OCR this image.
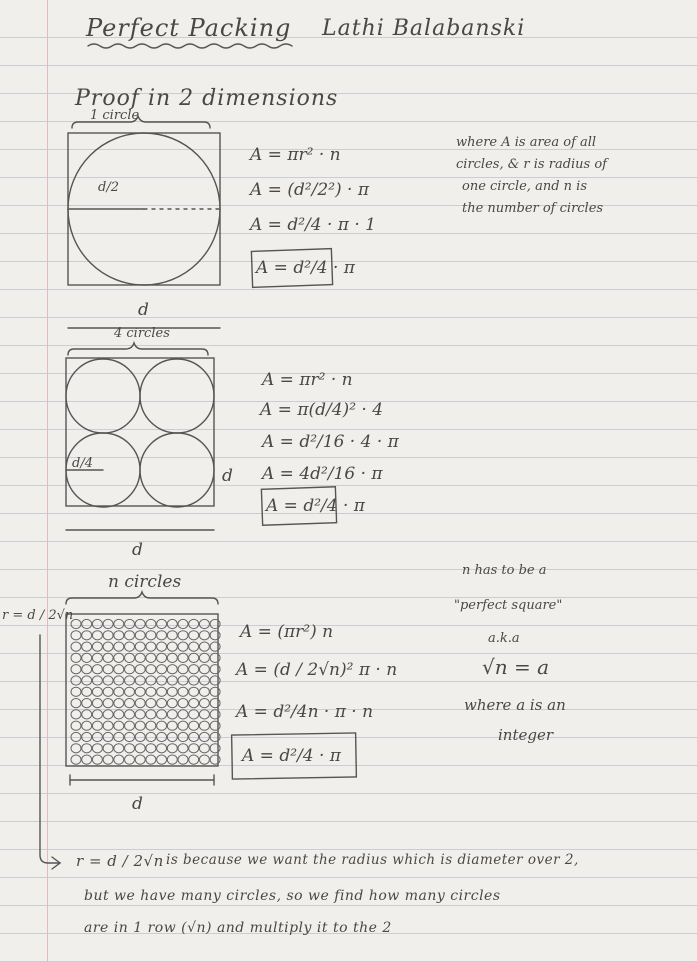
Perfect Packing Lathi Balabanski
Proof in 2 dimensions
1 circle
d/2
d
A = πr² · n
A = (d²/2²) · π
A = d²/4 · π · 1
A = d²/4 · π
where A is area of all
circles, & r is radius of
one circle, and n is
the number of circles
4 circles
d/4
d
d
A = πr² · n
A = π(d/4)² · 4
A = d²/16 · 4 · π
A = 4d²/16 · π
A = d²/4 · π
n circles
r = d / 2√n
d
A = (πr²) n
A = (d / 2√n)² π · n
A = d²/4n · π · n
A = d²/4 · π
n has to be a
"perfect square"
a.k.a
√n = a
where a is an
integer
r = d / 2√n is because we want the radius which is diameter over 2,
but we have many circles, so we find how many circles
are in 1 row (√n) and multiply it to the 2
